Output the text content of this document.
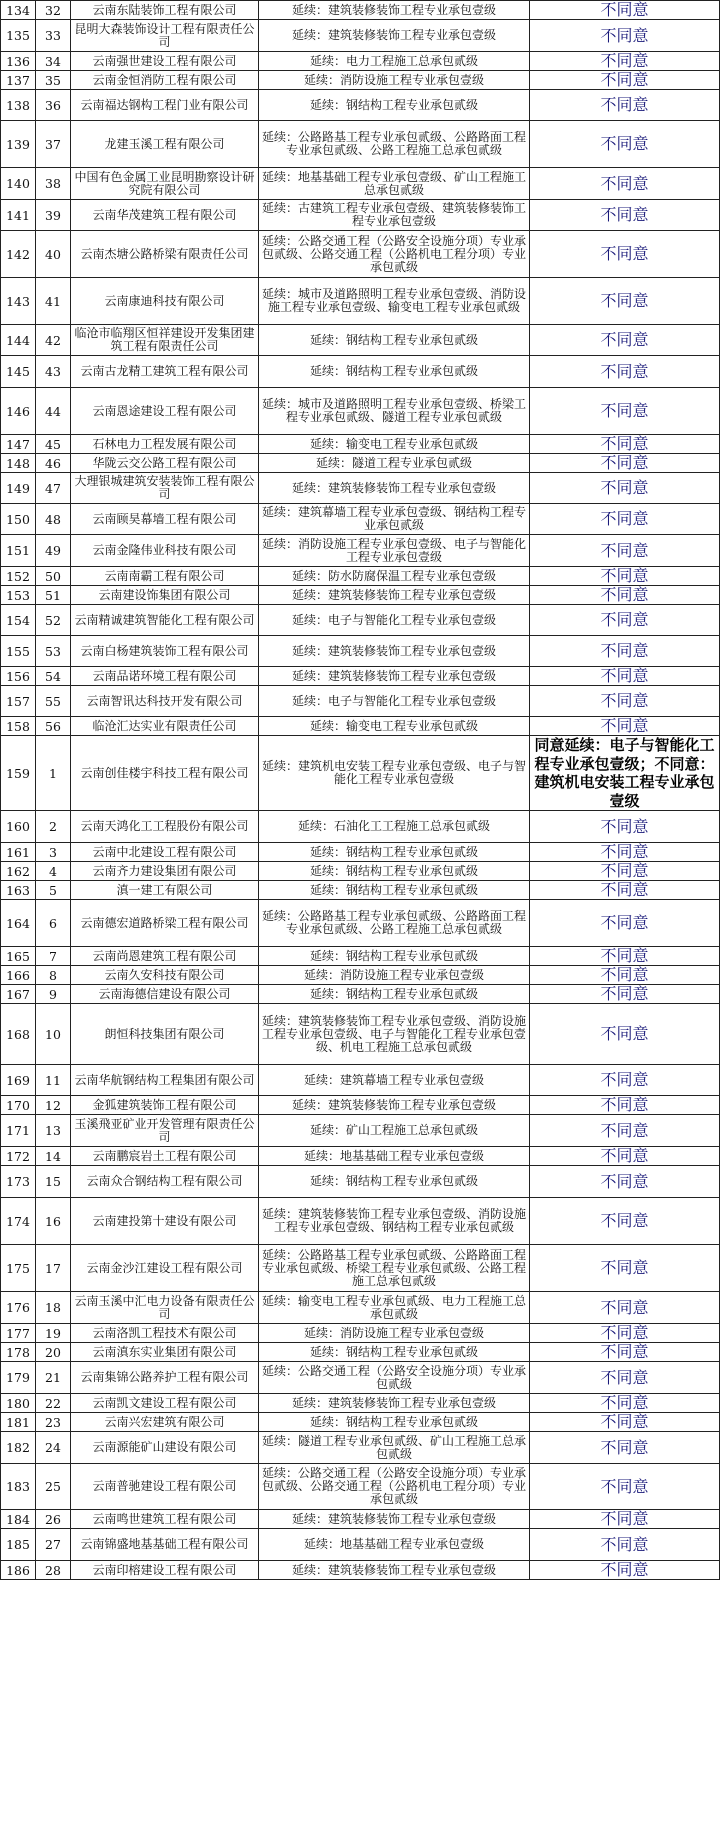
134	32	云南东陆装饰工程有限公司	延续：建筑装修装饰工程专业承包壹级	不同意
135	33	昆明大森装饰设计工程有限责任公司	延续：建筑装修装饰工程专业承包壹级	不同意
136	34	云南强世建设工程有限公司	延续：电力工程施工总承包贰级	不同意
137	35	云南金恒消防工程有限公司	延续：消防设施工程专业承包壹级	不同意
138	36	云南福达钢构工程门业有限公司	延续：钢结构工程专业承包贰级	不同意
139	37	龙建玉溪工程有限公司	延续：公路路基工程专业承包贰级、公路路面工程专业承包贰级、公路工程施工总承包贰级	不同意
140	38	中国有色金属工业昆明勘察设计研究院有限公司	延续：地基基础工程专业承包壹级、矿山工程施工总承包贰级	不同意
141	39	云南华茂建筑工程有限公司	延续：古建筑工程专业承包壹级、建筑装修装饰工程专业承包壹级	不同意
142	40	云南杰塘公路桥梁有限责任公司	延续：公路交通工程（公路安全设施分项）专业承包贰级、公路交通工程（公路机电工程分项）专业承包贰级	不同意
143	41	云南康迪科技有限公司	延续：城市及道路照明工程专业承包壹级、消防设施工程专业承包壹级、输变电工程专业承包贰级	不同意
144	42	临沧市临翔区恒祥建设开发集团建筑工程有限责任公司	延续：钢结构工程专业承包贰级	不同意
145	43	云南古龙精工建筑工程有限公司	延续：钢结构工程专业承包贰级	不同意
146	44	云南恩途建设工程有限公司	延续：城市及道路照明工程专业承包壹级、桥梁工程专业承包贰级、隧道工程专业承包贰级	不同意
147	45	石林电力工程发展有限公司	延续：输变电工程专业承包贰级	不同意
148	46	华陇云交公路工程有限公司	延续：隧道工程专业承包贰级	不同意
149	47	大理银城建筑安装装饰工程有限公司	延续：建筑装修装饰工程专业承包壹级	不同意
150	48	云南顾昊幕墙工程有限公司	延续：建筑幕墙工程专业承包壹级、钢结构工程专业承包贰级	不同意
151	49	云南金隆伟业科技有限公司	延续：消防设施工程专业承包壹级、电子与智能化工程专业承包壹级	不同意
152	50	云南南霸工程有限公司	延续：防水防腐保温工程专业承包壹级	不同意
153	51	云南建设饰集团有限公司	延续：建筑装修装饰工程专业承包壹级	不同意
154	52	云南精诚建筑智能化工程有限公司	延续：电子与智能化工程专业承包壹级	不同意
155	53	云南白杨建筑装饰工程有限公司	延续：建筑装修装饰工程专业承包壹级	不同意
156	54	云南品诺环境工程有限公司	延续：建筑装修装饰工程专业承包壹级	不同意
157	55	云南智讯达科技开发有限公司	延续：电子与智能化工程专业承包壹级	不同意
158	56	临沧汇达实业有限责任公司	延续：输变电工程专业承包贰级	不同意
159	1	云南创佳楼宇科技工程有限公司	延续：建筑机电安装工程专业承包壹级、电子与智能化工程专业承包壹级	同意延续：电子与智能化工程专业承包壹级；不同意：建筑机电安装工程专业承包壹级
160	2	云南天鸿化工工程股份有限公司	延续：石油化工工程施工总承包贰级	不同意
161	3	云南中北建设工程有限公司	延续：钢结构工程专业承包贰级	不同意
162	4	云南齐力建设集团有限公司	延续：钢结构工程专业承包贰级	不同意
163	5	滇一建工有限公司	延续：钢结构工程专业承包贰级	不同意
164	6	云南德宏道路桥梁工程有限公司	延续：公路路基工程专业承包贰级、公路路面工程专业承包贰级、公路工程施工总承包贰级	不同意
165	7	云南尚恩建筑工程有限公司	延续：钢结构工程专业承包贰级	不同意
166	8	云南久安科技有限公司	延续：消防设施工程专业承包壹级	不同意
167	9	云南海德信建设有限公司	延续：钢结构工程专业承包贰级	不同意
168	10	朗恒科技集团有限公司	延续：建筑装修装饰工程专业承包壹级、消防设施工程专业承包壹级、电子与智能化工程专业承包壹级、机电工程施工总承包贰级	不同意
169	11	云南华航钢结构工程集团有限公司	延续：建筑幕墙工程专业承包壹级	不同意
170	12	金狐建筑装饰工程有限公司	延续：建筑装修装饰工程专业承包壹级	不同意
171	13	玉溪飛亚矿业开发管理有限责任公司	延续：矿山工程施工总承包贰级	不同意
172	14	云南鹏宸岩土工程有限公司	延续：地基基础工程专业承包壹级	不同意
173	15	云南众合钢结构工程有限公司	延续：钢结构工程专业承包贰级	不同意
174	16	云南建投第十建设有限公司	延续：建筑装修装饰工程专业承包壹级、消防设施工程专业承包壹级、钢结构工程专业承包贰级	不同意
175	17	云南金沙江建设工程有限公司	延续：公路路基工程专业承包贰级、公路路面工程专业承包贰级、桥梁工程专业承包贰级、公路工程施工总承包贰级	不同意
176	18	云南玉溪中汇电力设备有限责任公司	延续：输变电工程专业承包贰级、电力工程施工总承包贰级	不同意
177	19	云南洛凯工程技术有限公司	延续：消防设施工程专业承包壹级	不同意
178	20	云南滇东实业集团有限公司	延续：钢结构工程专业承包贰级	不同意
179	21	云南集锦公路养护工程有限公司	延续：公路交通工程（公路安全设施分项）专业承包贰级	不同意
180	22	云南凯文建设工程有限公司	延续：建筑装修装饰工程专业承包壹级	不同意
181	23	云南兴宏建筑有限公司	延续：钢结构工程专业承包贰级	不同意
182	24	云南源能矿山建设有限公司	延续：隧道工程专业承包贰级、矿山工程施工总承包贰级	不同意
183	25	云南普驰建设工程有限公司	延续：公路交通工程（公路安全设施分项）专业承包贰级、公路交通工程（公路机电工程分项）专业承包贰级	不同意
184	26	云南鸣世建筑工程有限公司	延续：建筑装修装饰工程专业承包壹级	不同意
185	27	云南锦盛地基基础工程有限公司	延续：地基基础工程专业承包壹级	不同意
186	28	云南印榕建设工程有限公司	延续：建筑装修装饰工程专业承包壹级	不同意
